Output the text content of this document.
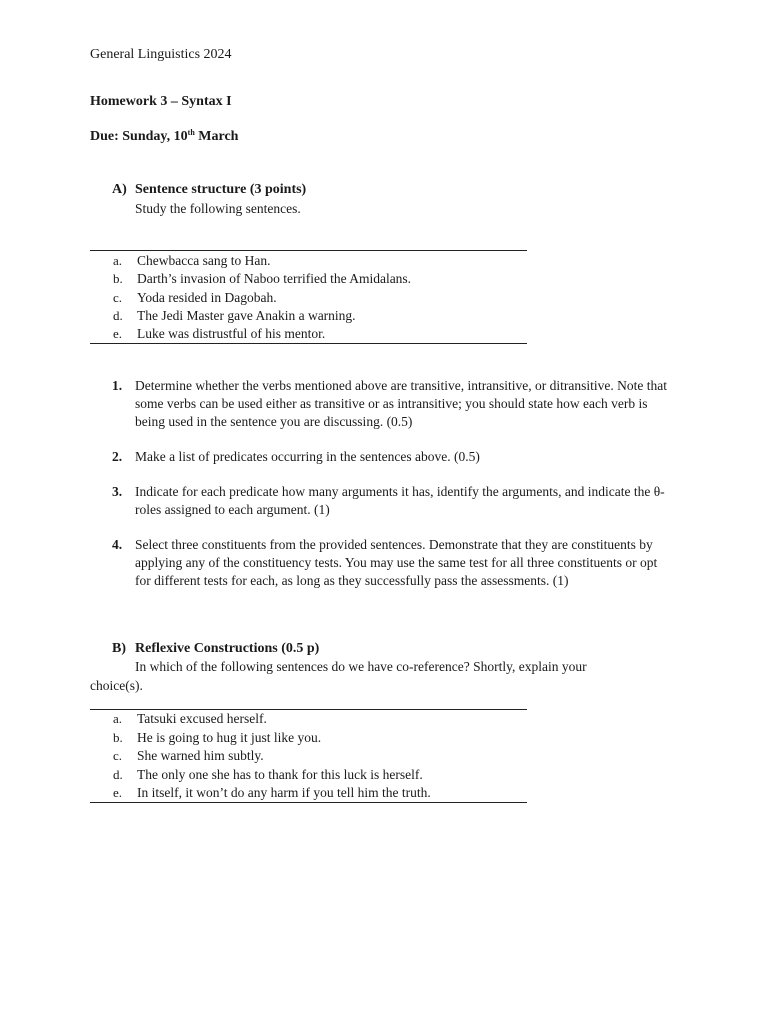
General Linguistics 2024
Homework 3 – Syntax I
Due: Sunday, 10th March
A) Sentence structure (3 points)
Study the following sentences.
a. Chewbacca sang to Han.
b. Darth’s invasion of Naboo terrified the Amidalans.
c. Yoda resided in Dagobah.
d. The Jedi Master gave Anakin a warning.
e. Luke was distrustful of his mentor.
1. Determine whether the verbs mentioned above are transitive, intransitive, or ditransitive. Note that some verbs can be used either as transitive or as intransitive; you should state how each verb is being used in the sentence you are discussing. (0.5)
2. Make a list of predicates occurring in the sentences above. (0.5)
3. Indicate for each predicate how many arguments it has, identify the arguments, and indicate the θ-roles assigned to each argument. (1)
4. Select three constituents from the provided sentences. Demonstrate that they are constituents by applying any of the constituency tests. You may use the same test for all three constituents or opt for different tests for each, as long as they successfully pass the assessments. (1)
B) Reflexive Constructions (0.5 p)
In which of the following sentences do we have co-reference? Shortly, explain your
choice(s).
a. Tatsuki excused herself.
b. He is going to hug it just like you.
c. She warned him subtly.
d. The only one she has to thank for this luck is herself.
e. In itself, it won’t do any harm if you tell him the truth.
